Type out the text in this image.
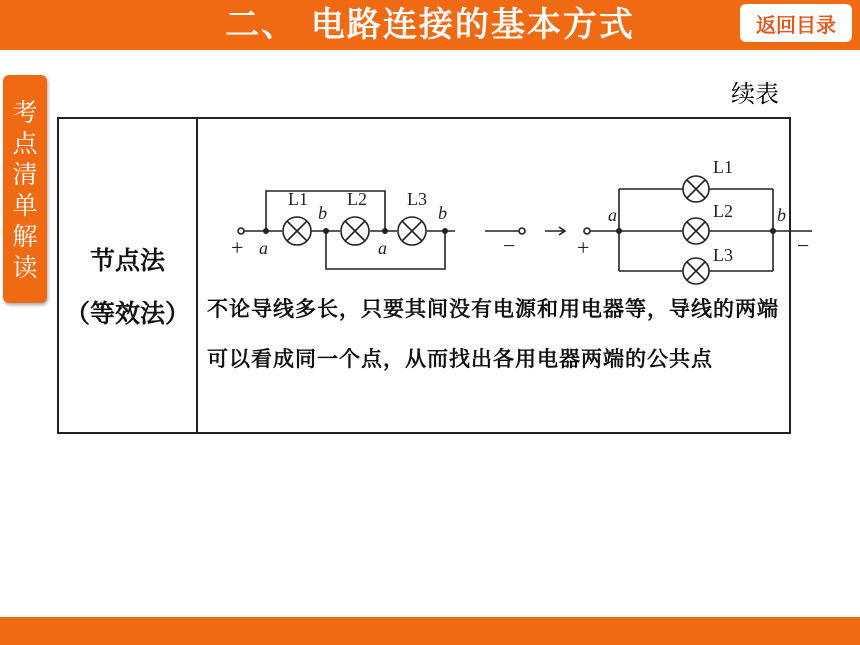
二、 电路连接的基本方式	返回目录
考点清单解读
续表
节点法
（等效法）
L1 L2 L3
a
b
a
b
+	−	+	−
a	b
L1
L2
L3
不论导线多长，只要其间没有电源和用电器等，导线的两端可以看成同一个点，从而找出各用电器两端的公共点
